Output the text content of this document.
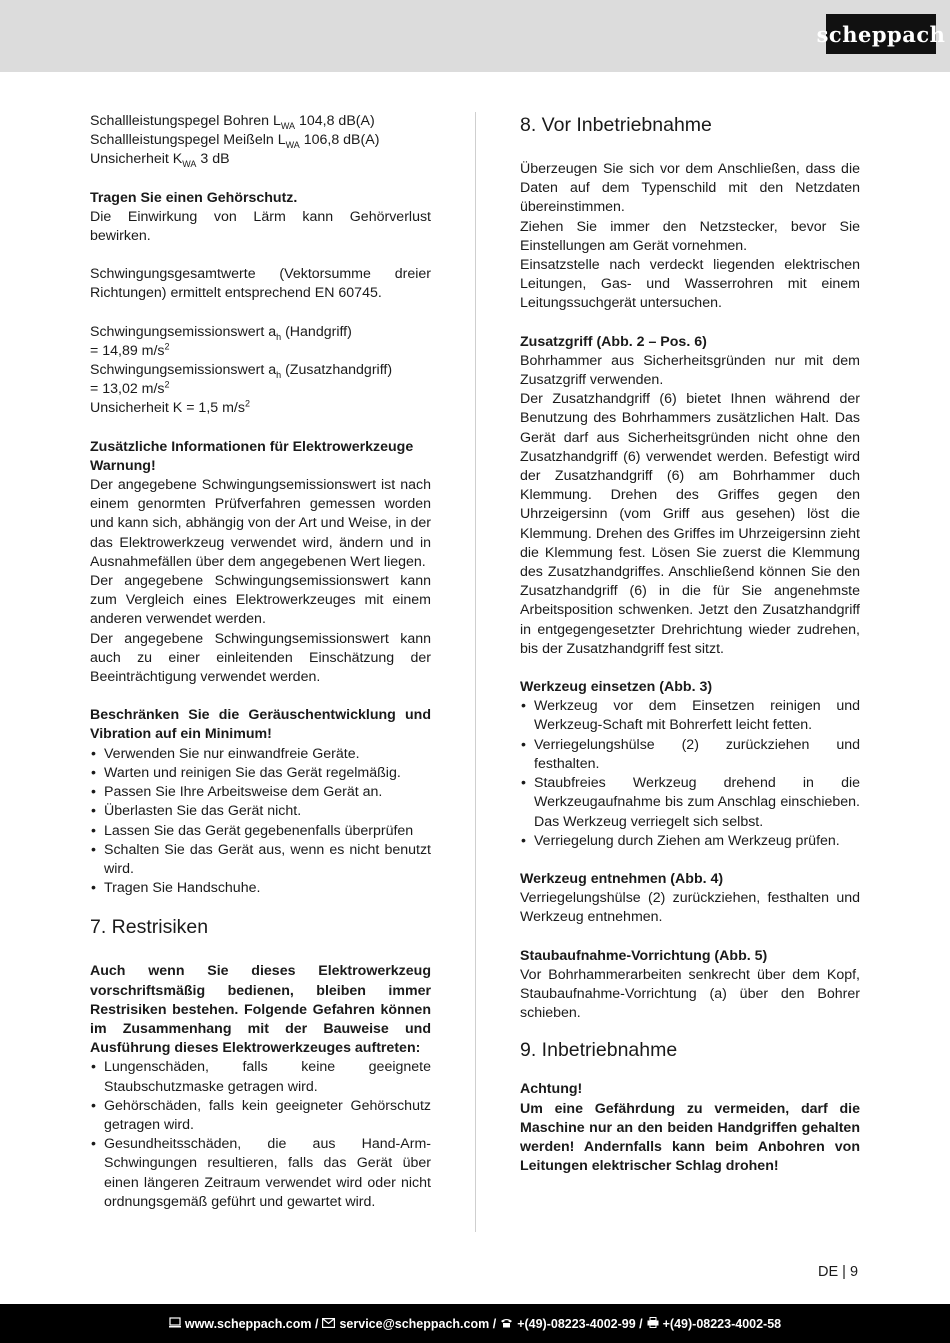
scheppach

Schallleistungspegel Bohren $L_{WA}$ 104,8 dB(A)

Schallleistungspegel Meißeln $L_{WA}$ 106,8 dB(A)

Unsicherheit $K_{WA}$ 3 dB

Tragen Sie einen Gehörschutz.

Die Einwirkung von Lärm kann Gehörverlust bewirken.

Schwingungsgesamtwerte (Vektorsumme dreier Richtungen) ermittelt entsprechend EN 60745.

Schwingungsemissionswert $a_h$ (Handgriff)

= 14,89 $m/s^2$

Schwingungsemissionswert $a_h$ (Zusatzhandgriff)

= 13,02 $m/s^2$

Unsicherheit K = 1,5 $m/s^2$

Zusätzliche Informationen für Elektrowerkzeuge

Warnung!

Der angegebene Schwingungsemissionswert ist nach einem genormten Prüfverfahren gemessen worden und kann sich, abhängig von der Art und Weise, in der das Elektrowerkzeug verwendet wird, ändern und in Ausnahmefällen über dem angegebenen Wert liegen.

Der angegebene Schwingungsemissionswert kann zum Vergleich eines Elektrowerkzeuges mit einem anderen verwendet werden.

Der angegebene Schwingungsemissionswert kann auch zu einer einleitenden Einschätzung der Beeinträchtigung verwendet werden.

Beschränken Sie die Geräuschentwicklung und Vibration auf ein Minimum!

• Verwenden Sie nur einwandfreie Geräte.
• Warten und reinigen Sie das Gerät regelmäßig.
• Passen Sie Ihre Arbeitsweise dem Gerät an.
• Überlasten Sie das Gerät nicht.
• Lassen Sie das Gerät gegebenenfalls überprüfen
• Schalten Sie das Gerät aus, wenn es nicht benutzt wird.
• Tragen Sie Handschuhe.
7. Restrisiken

Auch wenn Sie dieses Elektrowerkzeug vorschriftsmäßig bedienen, bleiben immer Restrisiken bestehen. Folgende Gefahren können im Zusammenhang mit der Bauweise und Ausführung dieses Elektrowerkzeuges auftreten:

• Lungenschäden, falls keine geeignete Staubschutzmaske getragen wird.
• Gehörschäden, falls kein geeigneter Gehörschutz getragen wird.
• Gesundheitsschäden, die aus Hand-Arm- Schwingungen resultieren, falls das Gerät über einen längeren Zeitraum verwendet wird oder nicht ordnungsgemäß geführt und gewartet wird.
8. Vor Inbetriebnahme

Überzeugen Sie sich vor dem Anschließen, dass die Daten auf dem Typenschild mit den Netzdaten übereinstimmen.

Ziehen Sie immer den Netzstecker, bevor Sie Einstellungen am Gerät vornehmen.

Einsatzstelle nach verdeckt liegenden elektrischen Leitungen, Gas- und Wasserrohren mit einem Leitungssuchgerät untersuchen.

Zusatzgriff (Abb. 2 – Pos. 6)

Bohrhammer aus Sicherheitsgründen nur mit dem Zusatzgriff verwenden.

Der Zusatzhandgriff (6) bietet Ihnen während der Benutzung des Bohrhammers zusätzlichen Halt. Das Gerät darf aus Sicherheitsgründen nicht ohne den Zusatzhandgriff (6) verwendet werden. Befestigt wird der Zusatzhandgriff (6) am Bohrhammer duch Klemmung. Drehen des Griffes gegen den Uhrzeigersinn (vom Griff aus gesehen) löst die Klemmung. Drehen des Griffes im Uhrzeigersinn zieht die Klemmung fest. Lösen Sie zuerst die Klemmung des Zusatzhandgriffes. Anschließend können Sie den Zusatzhandgriff (6) in die für Sie angenehmste Arbeitsposition schwenken. Jetzt den Zusatzhandgriff in entgegengesetzter Drehrichtung wieder zudrehen, bis der Zusatzhandgriff fest sitzt.

Werkzeug einsetzen (Abb. 3)

• Werkzeug vor dem Einsetzen reinigen und Werkzeug-Schaft mit Bohrerfett leicht fetten.
• Verriegelungshülse (2) zurückziehen und festhalten.
• Staubfreies Werkzeug drehend in die Werkzeugaufnahme bis zum Anschlag einschieben. Das Werkzeug verriegelt sich selbst.
• Verriegelung durch Ziehen am Werkzeug prüfen.

Werkzeug entnehmen (Abb. 4)

Verriegelungshülse (2) zurückziehen, festhalten und Werkzeug entnehmen.

Staubaufnahme-Vorrichtung (Abb. 5)

Vor Bohrhammerarbeiten senkrecht über dem Kopf, Staubaufnahme-Vorrichtung (a) über den Bohrer schieben.

9. Inbetriebnahme

Achtung!

Um eine Gefährdung zu vermeiden, darf die Maschine nur an den beiden Handgriffen gehalten werden! Andernfalls kann beim Anbohren von Leitungen elektrischer Schlag drohen!

DE | 9
www.scheppach.com / service@scheppach.com / +(49)-08223-4002-99 / +(49)-08223-4002-58
